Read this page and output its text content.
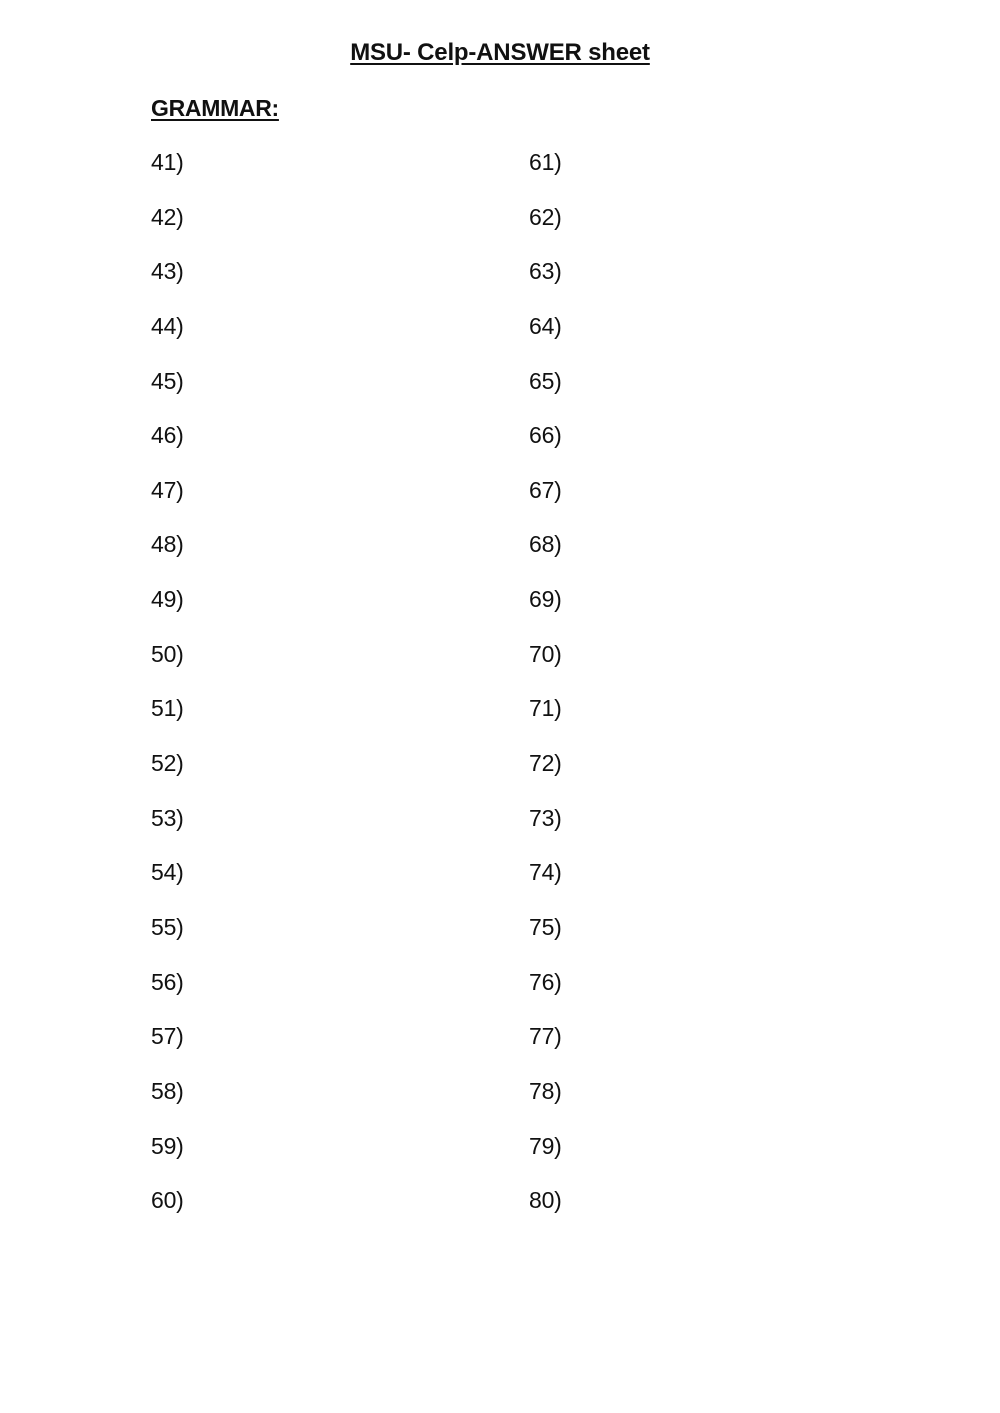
MSU- Celp-ANSWER sheet
GRAMMAR:
41)
42)
43)
44)
45)
46)
47)
48)
49)
50)
51)
52)
53)
54)
55)
56)
57)
58)
59)
60)
61)
62)
63)
64)
65)
66)
67)
68)
69)
70)
71)
72)
73)
74)
75)
76)
77)
78)
79)
80)
